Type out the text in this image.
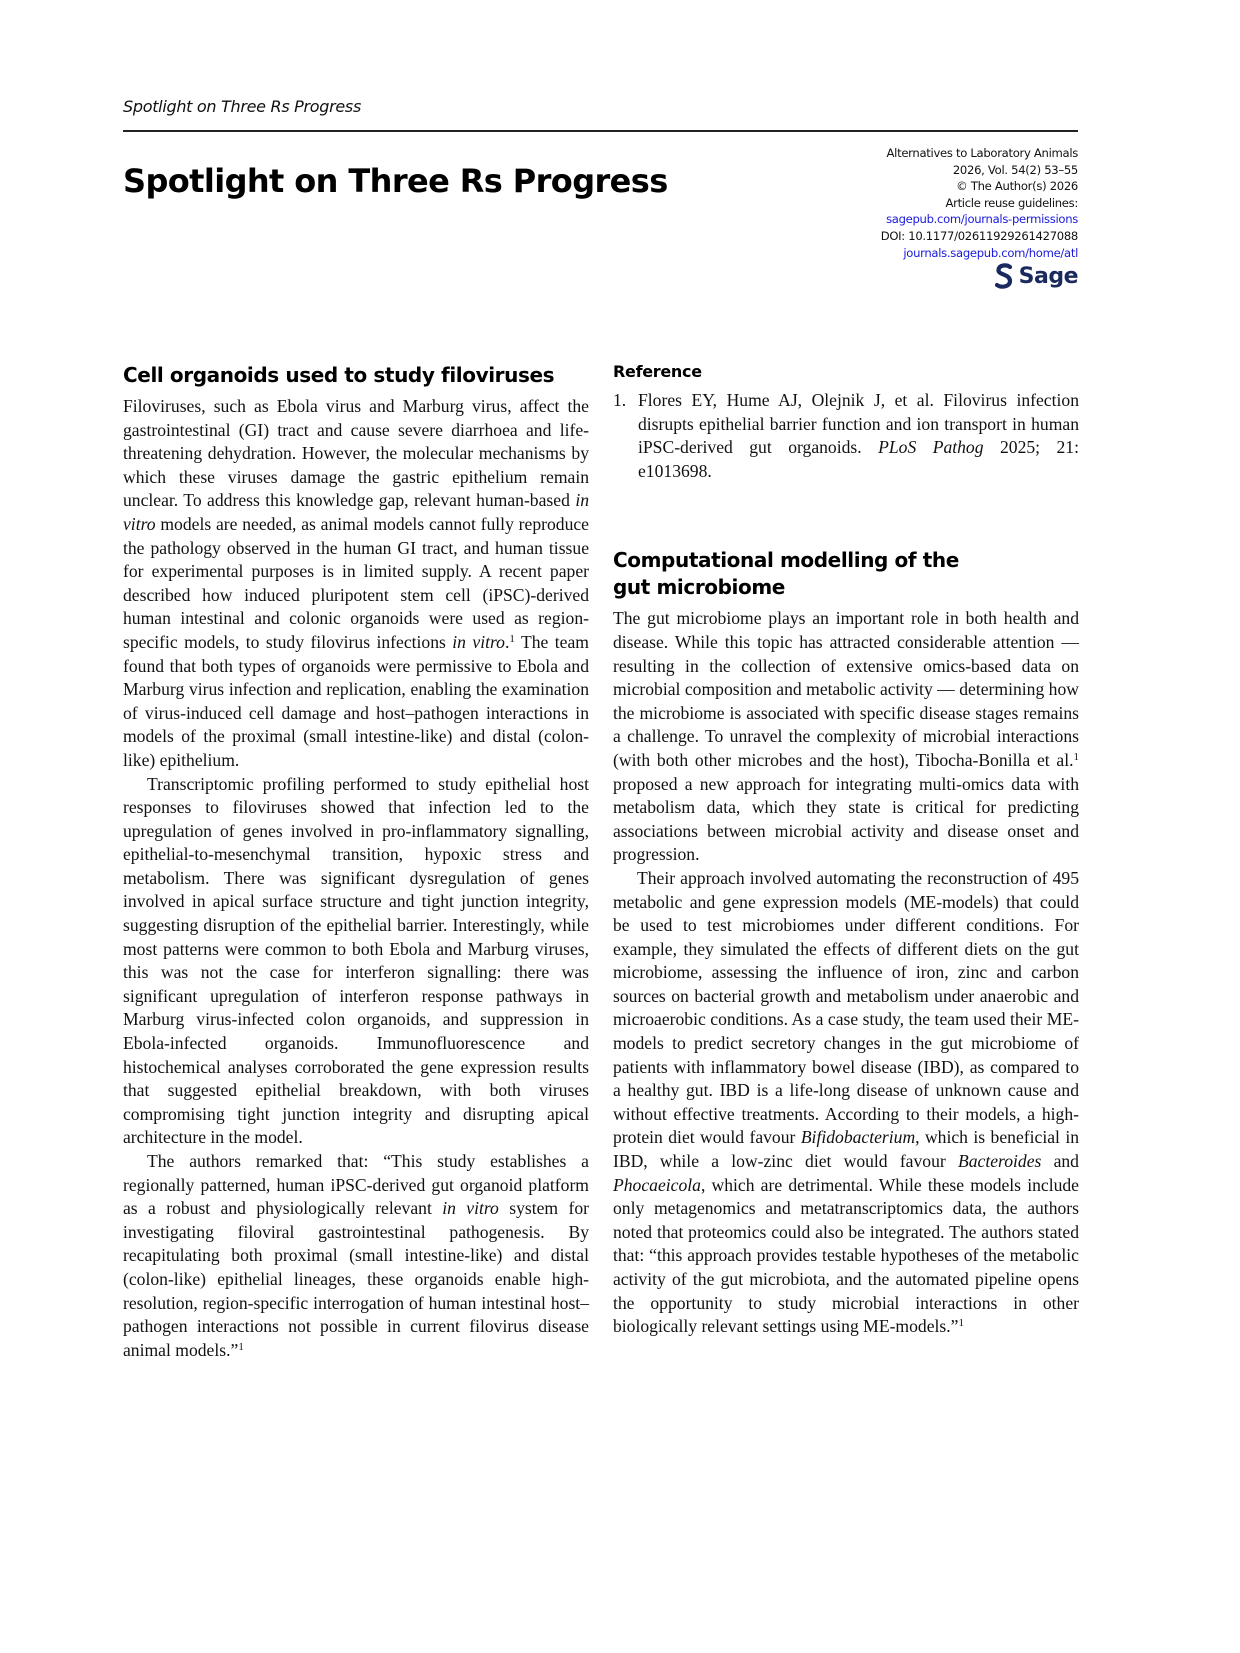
Spotlight on Three Rs Progress
Spotlight on Three Rs Progress
Alternatives to Laboratory Animals
2026, Vol. 54(2) 53–55
© The Author(s) 2026
Article reuse guidelines:
sagepub.com/journals-permissions
DOI: 10.1177/02611929261427088
journals.sagepub.com/home/atl
Sage
Cell organoids used to study filoviruses

Filoviruses, such as Ebola virus and Marburg virus, affect the gastrointestinal (GI) tract and cause severe diarrhoea and life-threatening dehydration. However, the molecular mechanisms by which these viruses damage the gastric epithelium remain unclear. To address this knowledge gap, relevant human-based in vitro models are needed, as animal models cannot fully reproduce the pathology observed in the human GI tract, and human tissue for experimental purposes is in limited supply. A recent paper described how induced pluripotent stem cell (iPSC)-derived human intestinal and colonic organoids were used as region-specific models, to study filovirus infections in vitro.$^1$ The team found that both types of organoids were permissive to Ebola and Marburg virus infection and replication, enabling the examination of virus-induced cell damage and host–pathogen interactions in models of the proximal (small intestine-like) and distal (colon-like) epithelium.

Transcriptomic profiling performed to study epithelial host responses to filoviruses showed that infection led to the upregulation of genes involved in pro-inflammatory signalling, epithelial-to-mesenchymal transition, hypoxic stress and metabolism. There was significant dysregulation of genes involved in apical surface structure and tight junction integrity, suggesting disruption of the epithelial barrier. Interestingly, while most patterns were common to both Ebola and Marburg viruses, this was not the case for interferon signalling: there was significant upregulation of interferon response pathways in Marburg virus-infected colon organoids, and suppression in Ebola-infected organoids. Immunofluorescence and histochemical analyses corroborated the gene expression results that suggested epithelial breakdown, with both viruses compromising tight junction integrity and disrupting apical architecture in the model.

The authors remarked that: “This study establishes a regionally patterned, human iPSC-derived gut organoid platform as a robust and physiologically relevant in vitro system for investigating filoviral gastrointestinal pathogenesis. By recapitulating both proximal (small intestine-like) and distal (colon-like) epithelial lineages, these organoids enable high-resolution, region-specific interrogation of human intestinal host–pathogen interactions not possible in current filovirus disease animal models.”$^1$

Reference
1. Flores EY, Hume AJ, Olejnik J, et al. Filovirus infection disrupts epithelial barrier function and ion transport in human iPSC-derived gut organoids. PLoS Pathog 2025; 21: e1013698.
Computational modelling of the gut microbiome

The gut microbiome plays an important role in both health and disease. While this topic has attracted considerable attention — resulting in the collection of extensive omics-based data on microbial composition and metabolic activity — determining how the microbiome is associated with specific disease stages remains a challenge. To unravel the complexity of microbial interactions (with both other microbes and the host), Tibocha-Bonilla et al.$^1$ proposed a new approach for integrating multi-omics data with metabolism data, which they state is critical for predicting associations between microbial activity and disease onset and progression.

Their approach involved automating the reconstruction of 495 metabolic and gene expression models (ME-models) that could be used to test microbiomes under different conditions. For example, they simulated the effects of different diets on the gut microbiome, assessing the influence of iron, zinc and carbon sources on bacterial growth and metabolism under anaerobic and microaerobic conditions. As a case study, the team used their ME-models to predict secretory changes in the gut microbiome of patients with inflammatory bowel disease (IBD), as compared to a healthy gut. IBD is a life-long disease of unknown cause and without effective treatments. According to their models, a high-protein diet would favour Bifidobacterium, which is beneficial in IBD, while a low-zinc diet would favour Bacteroides and Phocaeicola, which are detrimental. While these models include only metagenomics and metatranscriptomics data, the authors noted that proteomics could also be integrated. The authors stated that: “this approach provides testable hypotheses of the metabolic activity of the gut microbiota, and the automated pipeline opens the opportunity to study microbial interactions in other biologically relevant settings using ME-models.”$^1$
